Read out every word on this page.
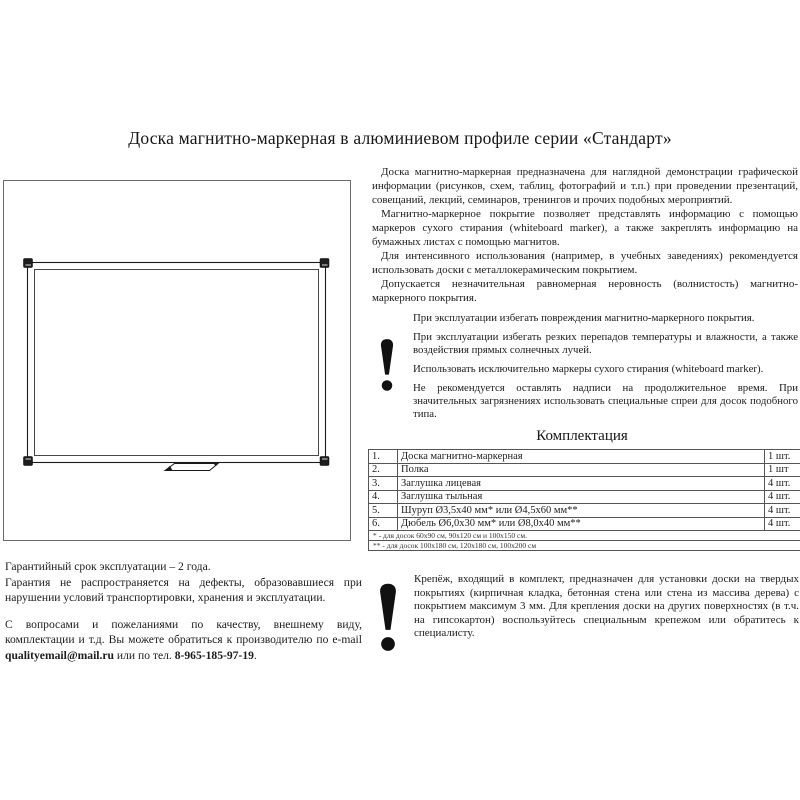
Доска магнитно-маркерная в алюминиевом профиле серии «Стандарт»

Доска магнитно-маркерная предназначена для наглядной демонстрации графической информации (рисунков, схем, таблиц, фотографий и т.п.) при проведении презентаций, совещаний, лекций, семинаров, тренингов и прочих подобных мероприятий.

Магнитно-маркерное покрытие позволяет представлять информацию с помощью маркеров сухого стирания (whiteboard marker), а также закреплять информацию на бумажных листах с помощью магнитов.

Для интенсивного использования (например, в учебных заведениях) рекомендуется использовать доски с металлокерамическим покрытием.

Допускается незначительная равномерная неровность (волнистость) магнитно-маркерного покрытия.

При эксплуатации избегать повреждения магнитно-маркерного покрытия.

При эксплуатации избегать резких перепадов температуры и влажности, а также воздействия прямых солнечных лучей.

Использовать исключительно маркеры сухого стирания (whiteboard marker).

Не рекомендуется оставлять надписи на продолжительное время. При значительных загрязнениях использовать специальные спреи для досок подобного типа.

Комплектация
1.	Доска магнитно-маркерная	1 шт.
2.	Полка	1 шт
3.	Заглушка лицевая	4 шт.
4.	Заглушка тыльная	4 шт.
5.	Шуруп Ø3,5х40 мм* или Ø4,5х60 мм**	4 шт.
6.	Дюбель Ø6,0х30 мм* или Ø8,0х40 мм**	4 шт.
* - для досок 60х90 см, 90х120 см и 100х150 см.		
** - для досок 100х180 см, 120х180 см, 100х200 см		

Крепёж, входящий в комплект, предназначен для установки доски на твердых покрытиях (кирпичная кладка, бетонная стена или стена из массива дерева) с покрытием максимум 3 мм. Для крепления доски на других поверхностях (в т.ч. на гипсокартон) воспользуйтесь специальным крепежом или обратитесь к специалисту.

Гарантийный срок эксплуатации – 2 года.

Гарантия не распространяется на дефекты, образовавшиеся при нарушении условий транспортировки, хранения и эксплуатации.

С вопросами и пожеланиями по качеству, внешнему виду, комплектации и т.д. Вы можете обратиться к производителю по e-mail qualityemail@mail.ru или по тел. 8-965-185-97-19.
